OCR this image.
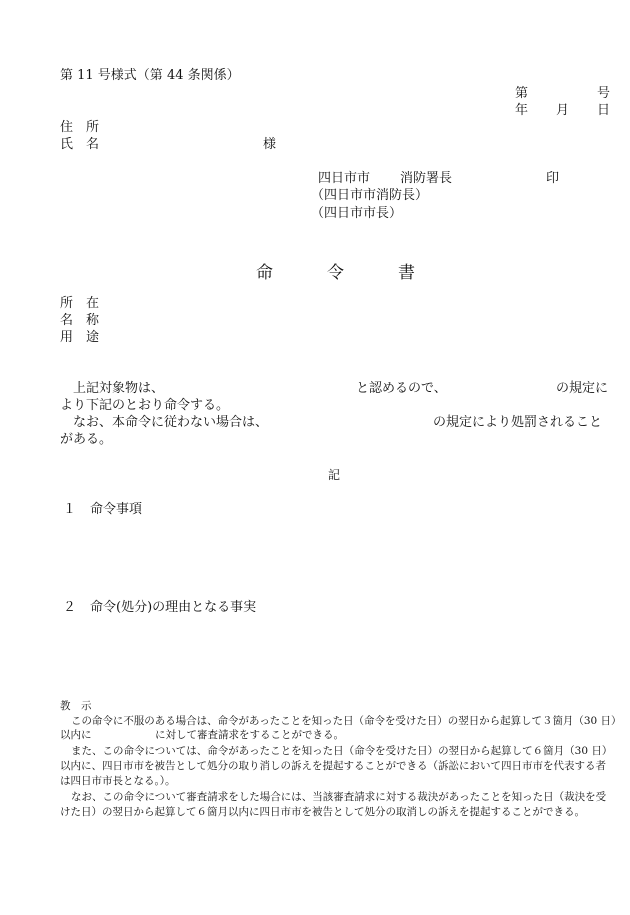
第 11 号様式（第 44 条関係）
第	号
年 月 日
住　所
氏　名	様
四日市市 消防署長	印
（四日市市消防長）
（四日市市長）
命	令	書
所　在
名　称
用　途
上記対象物は、	と認めるので、	の規定に
より下記のとおり命令する。
なお、本命令に従わない場合は、	の規定により処罰されること
がある。
記
１ 命令事項
２ 命令(処分)の理由となる事実
教　示
この命令に不服のある場合は、命令があったことを知った日（命令を受けた日）の翌日から起算して３箇月（30 日）
以内に	に対して審査請求をすることができる。
また、この命令については、命令があったことを知った日（命令を受けた日）の翌日から起算して６箇月（30 日）
以内に、四日市市を被告として処分の取り消しの訴えを提起することができる（訴訟において四日市市を代表する者
は四日市市長となる。）。
なお、この命令について審査請求をした場合には、当該審査請求に対する裁決があったことを知った日（裁決を受
けた日）の翌日から起算して６箇月以内に四日市市を被告として処分の取消しの訴えを提起することができる。
